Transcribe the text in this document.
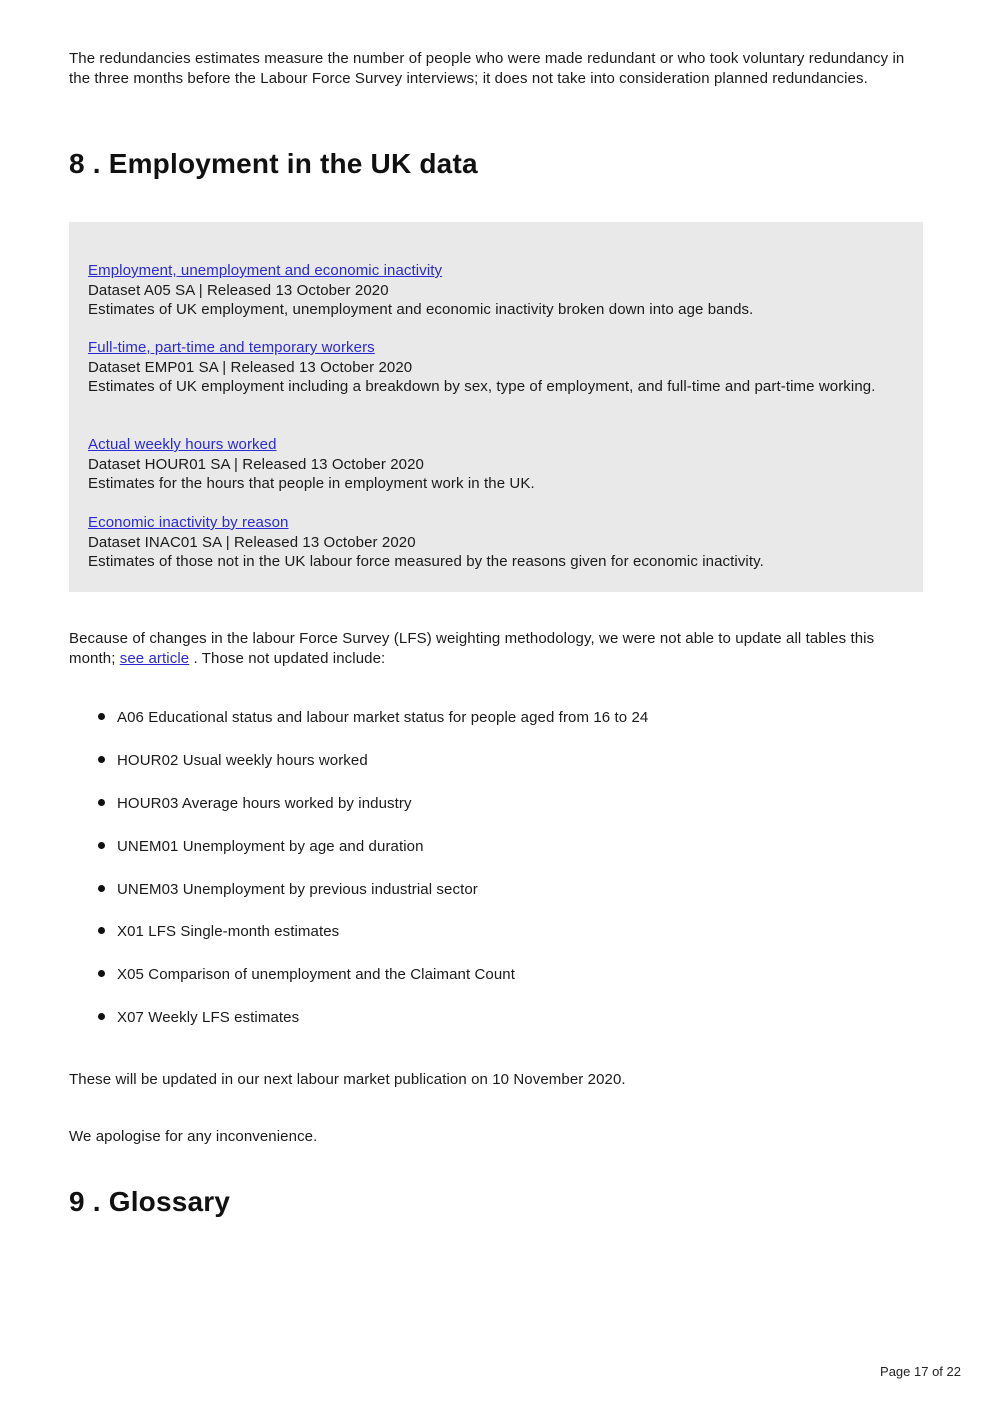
The redundancies estimates measure the number of people who were made redundant or who took voluntary redundancy in the three months before the Labour Force Survey interviews; it does not take into consideration planned redundancies.

8 . Employment in the UK data
Employment, unemployment and economic inactivity
Dataset A05 SA | Released 13 October 2020
Estimates of UK employment, unemployment and economic inactivity broken down into age bands.
Full-time, part-time and temporary workers
Dataset EMP01 SA | Released 13 October 2020
Estimates of UK employment including a breakdown by sex, type of employment, and full-time and part-time working.
Actual weekly hours worked
Dataset HOUR01 SA | Released 13 October 2020
Estimates for the hours that people in employment work in the UK.
Economic inactivity by reason
Dataset INAC01 SA | Released 13 October 2020
Estimates of those not in the UK labour force measured by the reasons given for economic inactivity.

Because of changes in the labour Force Survey (LFS) weighting methodology, we were not able to update all tables this month; see article . Those not updated include:

A06 Educational status and labour market status for people aged from 16 to 24
HOUR02 Usual weekly hours worked
HOUR03 Average hours worked by industry
UNEM01 Unemployment by age and duration
UNEM03 Unemployment by previous industrial sector
X01 LFS Single-month estimates
X05 Comparison of unemployment and the Claimant Count
X07 Weekly LFS estimates

These will be updated in our next labour market publication on 10 November 2020.

We apologise for any inconvenience.

9 . Glossary
Page 17 of 22
